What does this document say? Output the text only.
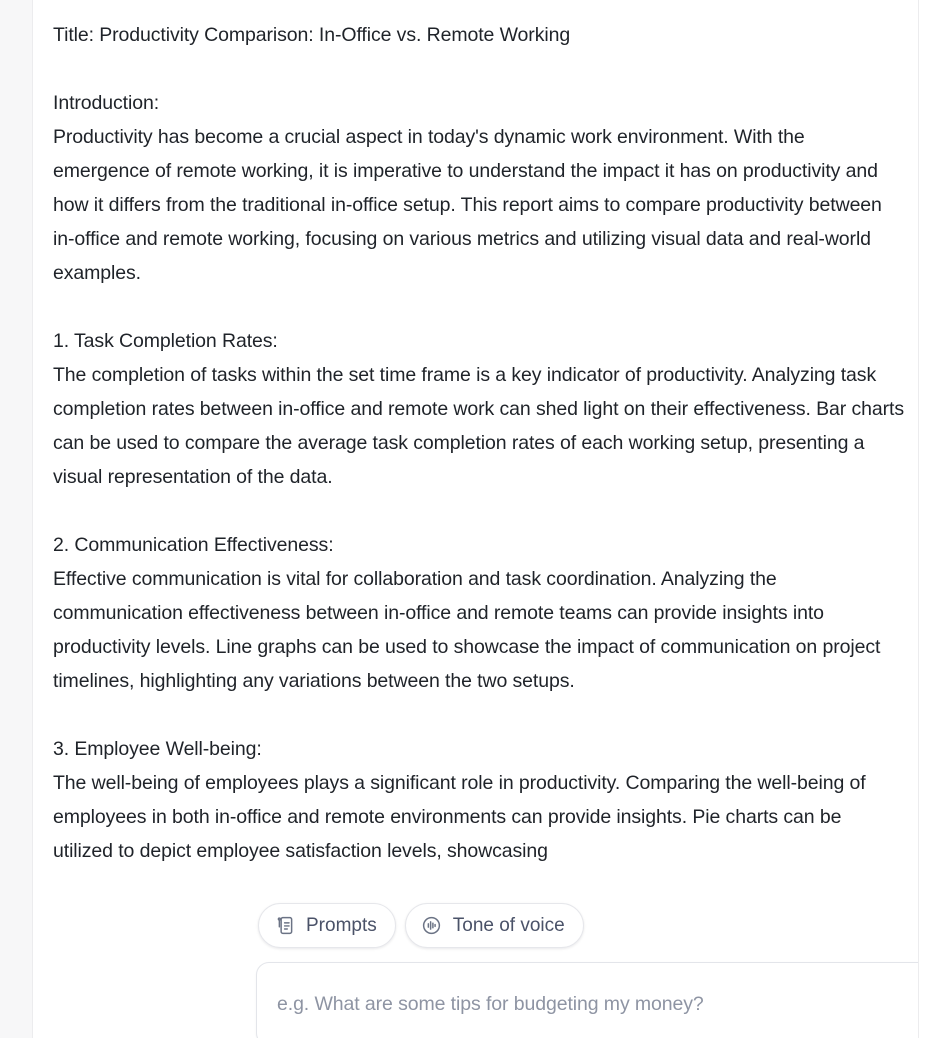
Title: Productivity Comparison: In-Office vs. Remote Working

Introduction:

Productivity has become a crucial aspect in today's dynamic work environment. With the emergence of remote working, it is imperative to understand the impact it has on productivity and how it differs from the traditional in-office setup. This report aims to compare productivity between in-office and remote working, focusing on various metrics and utilizing visual data and real-world examples.

1. Task Completion Rates:

The completion of tasks within the set time frame is a key indicator of productivity. Analyzing task completion rates between in-office and remote work can shed light on their effectiveness. Bar charts can be used to compare the average task completion rates of each working setup, presenting a visual representation of the data.

2. Communication Effectiveness:

Effective communication is vital for collaboration and task coordination. Analyzing the communication effectiveness between in-office and remote teams can provide insights into productivity levels. Line graphs can be used to showcase the impact of communication on project timelines, highlighting any variations between the two setups.

3. Employee Well-being:

The well-being of employees plays a significant role in productivity. Comparing the well-being of employees in both in-office and remote environments can provide insights. Pie charts can be utilized to depict employee satisfaction levels, showcasing

Prompts	Tone of voice
e.g. What are some tips for budgeting my money?
